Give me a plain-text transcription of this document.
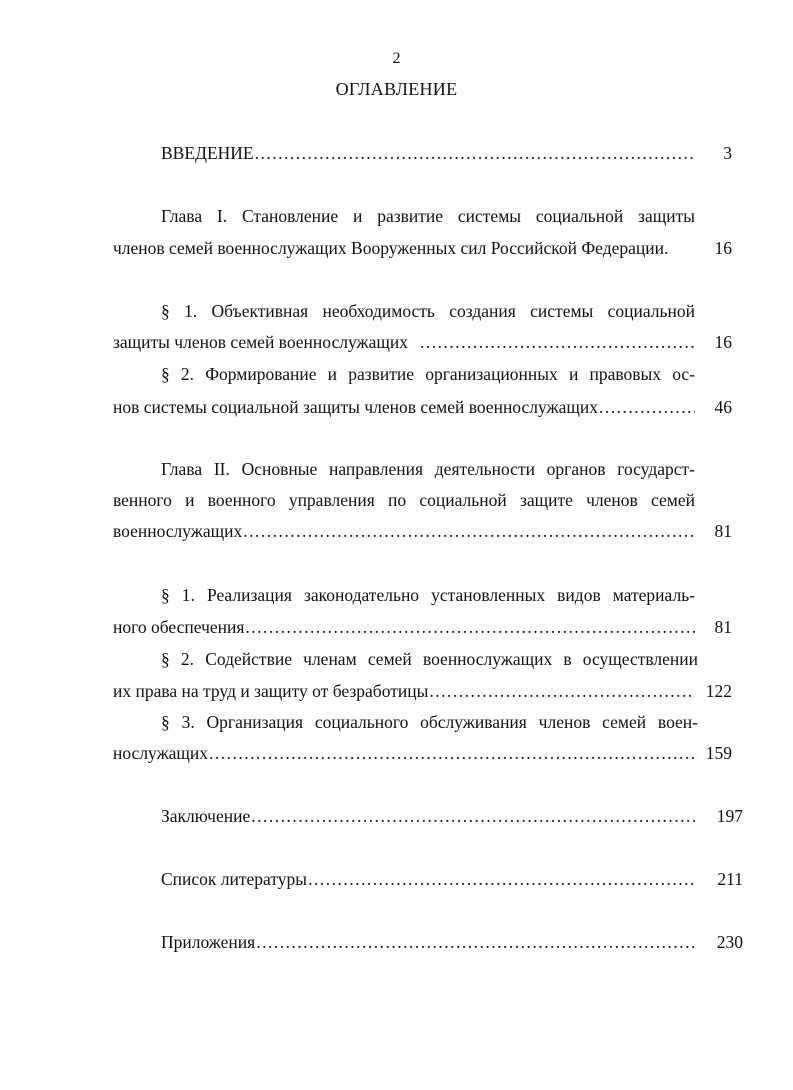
2
ОГЛАВЛЕНИЕ
ВВЕДЕНИЕ .....	3
Глава I. Становление и развитие системы социальной защиты
членов семей военнослужащих Вооруженных сил Российской Федерации.	16
§ 1. Объективная необходимость создания системы социальной
защиты членов семей военнослужащих .....	16
§ 2. Формирование и развитие организационных и правовых ос-
нов системы социальной защиты членов семей военнослужащих .....	46
Глава II. Основные направления деятельности органов государст-
венного и военного управления по социальной защите членов семей
военнослужащих .....	81
§ 1. Реализация законодательно установленных видов материаль-
ного обеспечения .....	81
§ 2. Содействие членам семей военнослужащих в осуществлении
их права на труд и защиту от безработицы .....	122
§ 3. Организация социального обслуживания членов семей воен-
нослужащих .....	159
Заключение .....	197
Список литературы .....	211
Приложения .....	230
